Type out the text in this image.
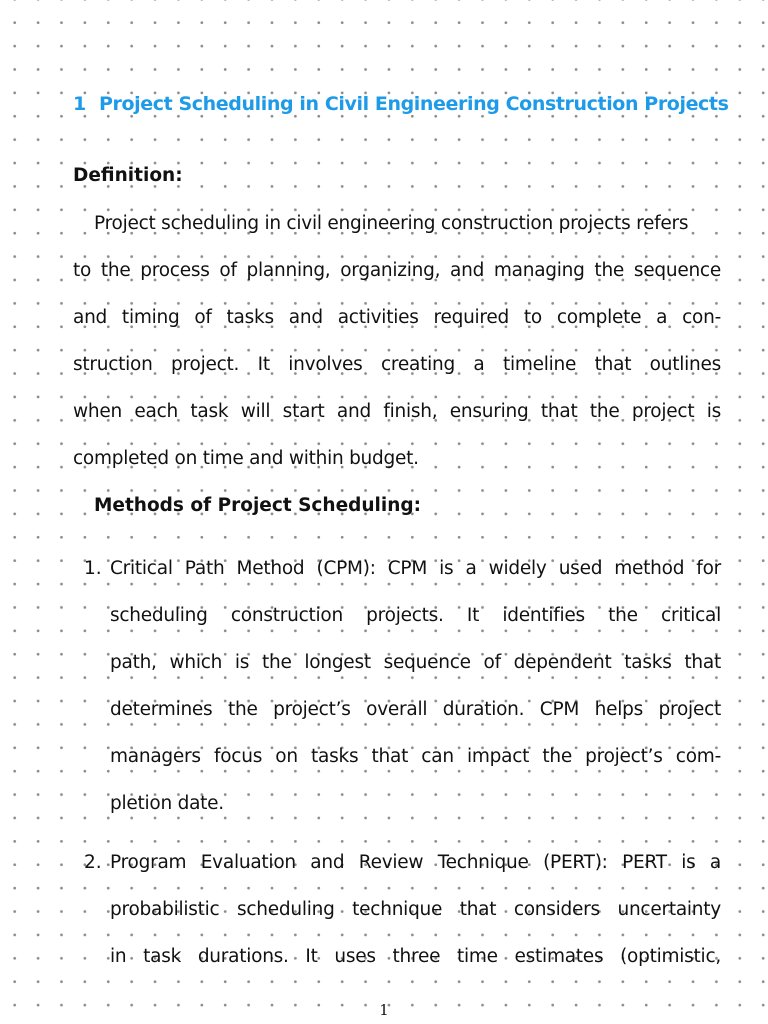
1 Project Scheduling in Civil Engineering Construction Projects

Definition:

Project scheduling in civil engineering construction projects refers

to the process of planning, organizing, and managing the sequence

and timing of tasks and activities required to complete a con-

struction project. It involves creating a timeline that outlines

when each task will start and finish, ensuring that the project is

completed on time and within budget.

Methods of Project Scheduling:

1. Critical Path Method (CPM): CPM is a widely used method for

scheduling construction projects. It identifies the critical

path, which is the longest sequence of dependent tasks that

determines the project’s overall duration. CPM helps project

managers focus on tasks that can impact the project’s com-

pletion date.

2. Program Evaluation and Review Technique (PERT): PERT is a

probabilistic scheduling technique that considers uncertainty

in task durations. It uses three time estimates (optimistic,

1
